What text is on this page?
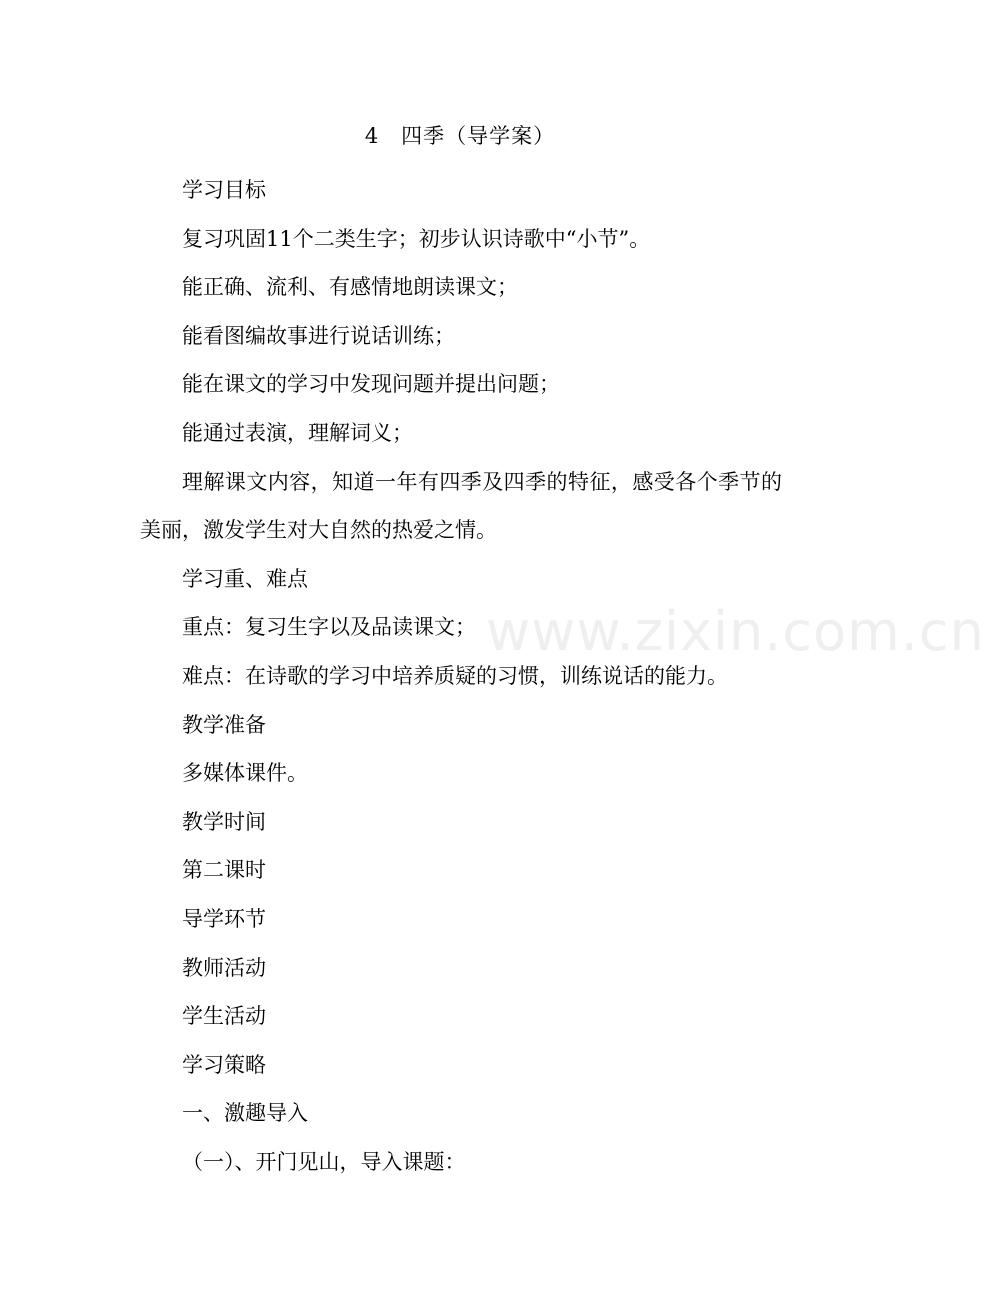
4　四季（导学案）

学习目标

复习巩固11个二类生字；初步认识诗歌中“小节”。

能正确、流利、有感情地朗读课文；

能看图编故事进行说话训练；

能在课文的学习中发现问题并提出问题；

能通过表演，理解词义；

理解课文内容，知道一年有四季及四季的特征，感受各个季节的美丽，激发学生对大自然的热爱之情。

学习重、难点

重点：复习生字以及品读课文；

难点：在诗歌的学习中培养质疑的习惯，训练说话的能力。

教学准备

多媒体课件。

教学时间

第二课时

导学环节

教师活动

学生活动

学习策略

一、激趣导入

（一）、开门见山，导入课题：

www.zixin.com.cn
